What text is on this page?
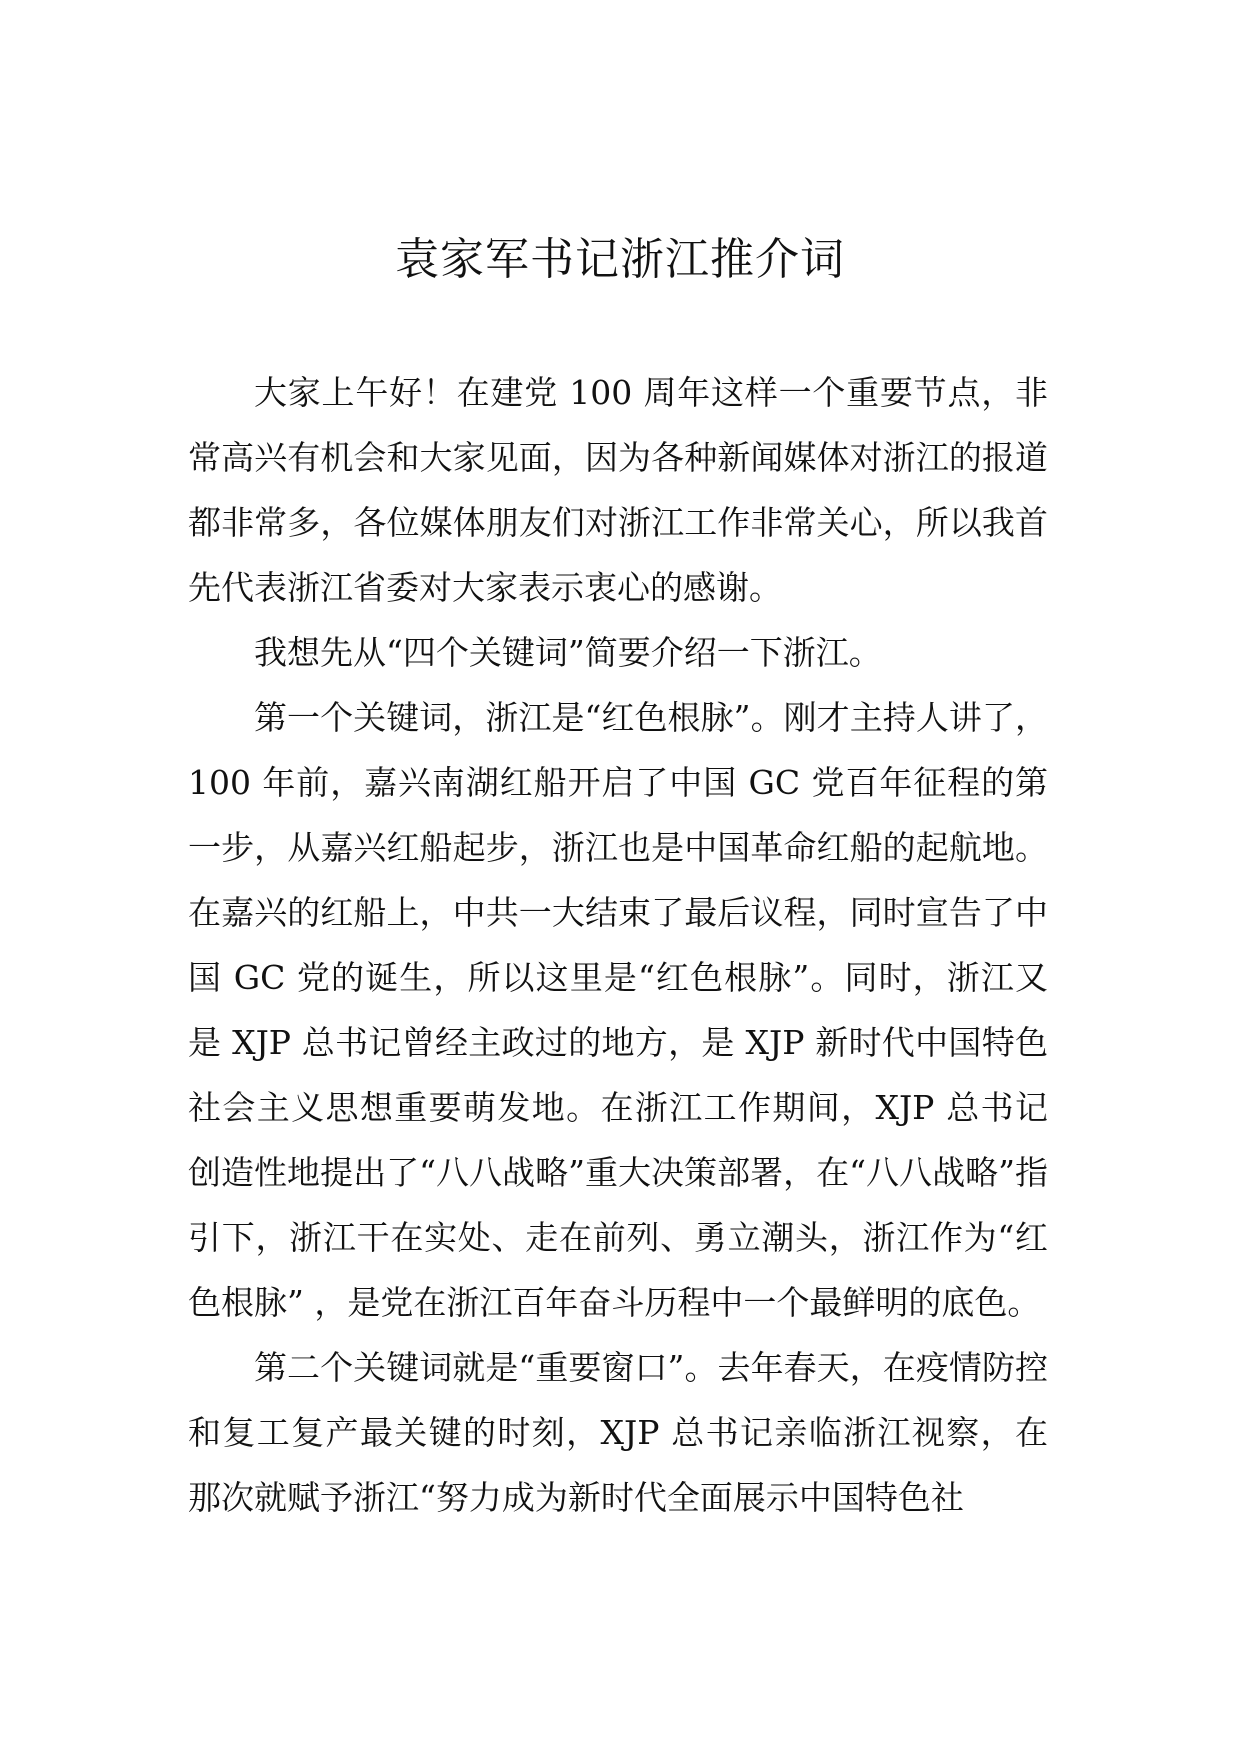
袁家军书记浙江推介词

大家上午好！在建党 100 周年这样一个重要节点，非常高兴有机会和大家见面，因为各种新闻媒体对浙江的报道都非常多，各位媒体朋友们对浙江工作非常关心，所以我首先代表浙江省委对大家表示衷心的感谢。

我想先从“四个关键词”简要介绍一下浙江。

第一个关键词，浙江是“红色根脉”。刚才主持人讲了，100 年前，嘉兴南湖红船开启了中国 GC 党百年征程的第一步，从嘉兴红船起步，浙江也是中国革命红船的起航地。在嘉兴的红船上，中共一大结束了最后议程，同时宣告了中国 GC 党的诞生，所以这里是“红色根脉”。同时，浙江又是 XJP 总书记曾经主政过的地方，是 XJP 新时代中国特色社会主义思想重要萌发地。在浙江工作期间，XJP 总书记创造性地提出了“八八战略”重大决策部署，在“八八战略”指引下，浙江干在实处、走在前列、勇立潮头，浙江作为“红色根脉” ，是党在浙江百年奋斗历程中一个最鲜明的底色。

第二个关键词就是“重要窗口”。去年春天，在疫情防控和复工复产最关键的时刻，XJP 总书记亲临浙江视察，在那次就赋予浙江“努力成为新时代全面展示中国特色社
